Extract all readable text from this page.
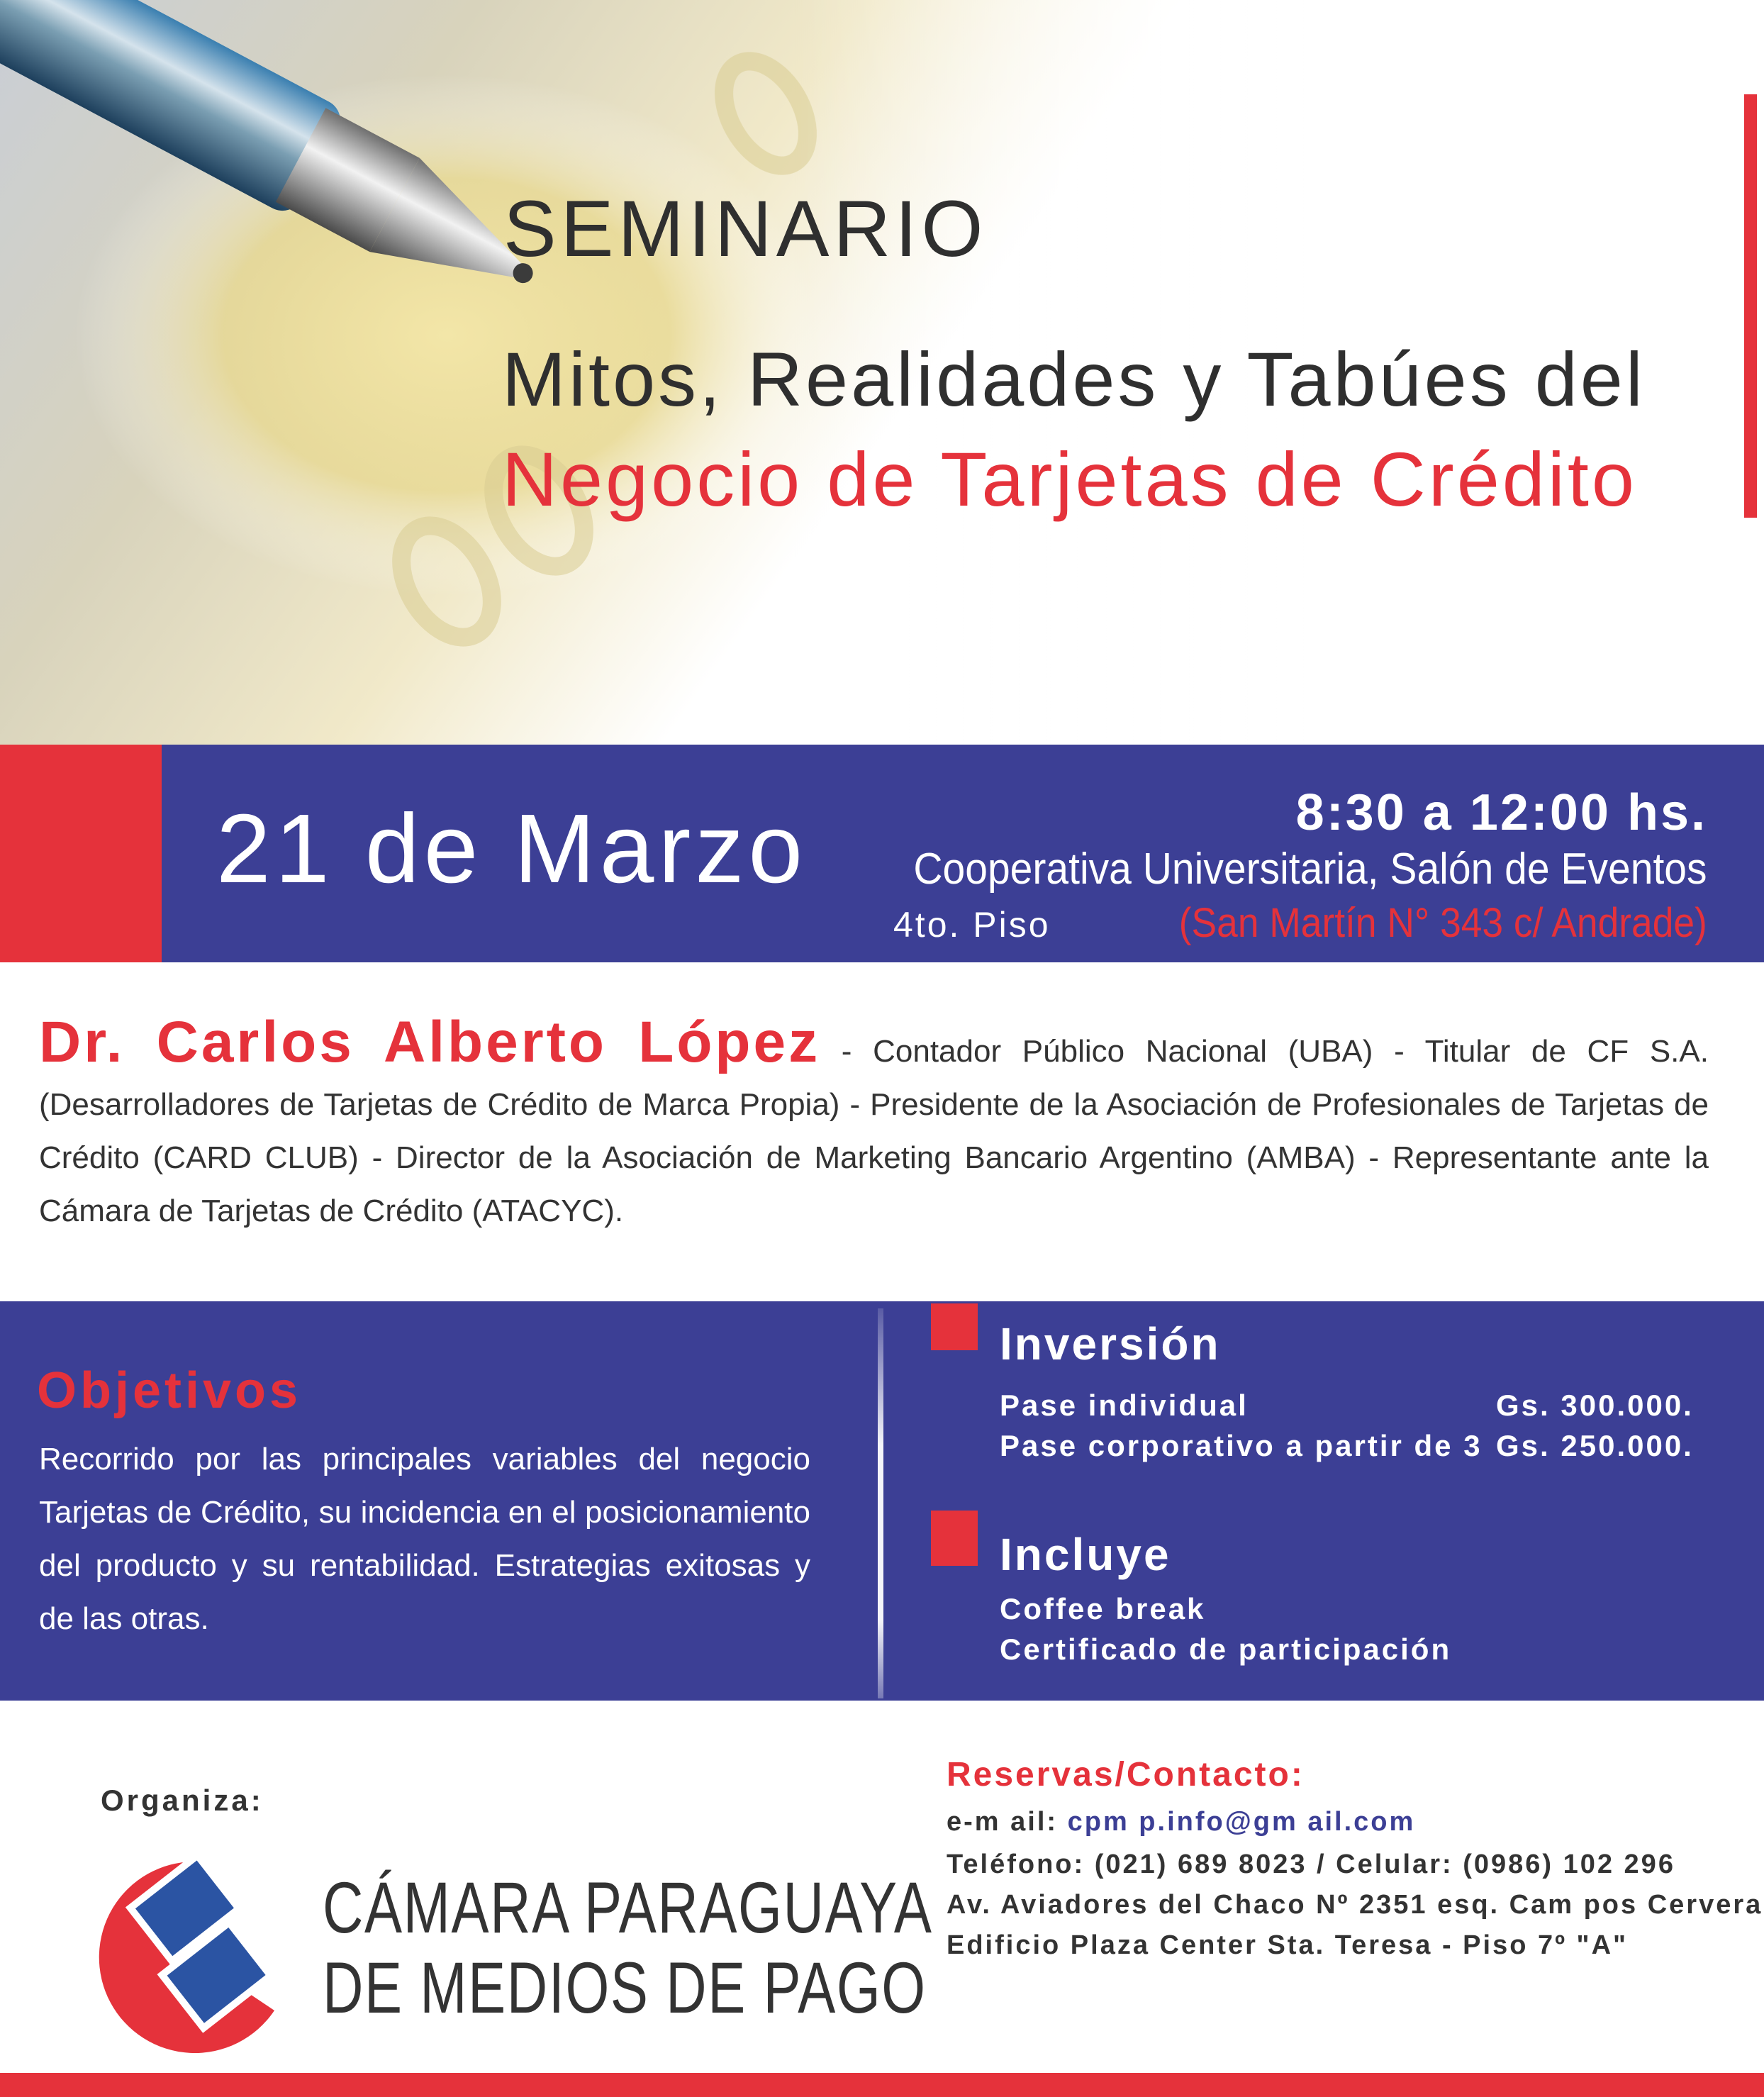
SEMINARIO
Mitos, Realidades y Tabúes del
Negocio de Tarjetas de Crédito
21 de Marzo	8:30 a 12:00 hs.
Cooperativa Universitaria, Salón de Eventos
4to. Piso	(San Martín N° 343 c/ Andrade)
Dr. Carlos Alberto López - Contador Público Nacional (UBA) - Titular de CF S.A. (Desarrolladores de Tarjetas de Crédito de Marca Propia) - Presidente de la Asociación de Profesionales de Tarjetas de Crédito (CARD CLUB) - Director de la Asociación de Marketing Bancario Argentino (AMBA) - Representante ante la Cámara de Tarjetas de Crédito (ATACYC).
Objetivos
Recorrido por las principales variables del negocio Tarjetas de Crédito, su incidencia en el posicionamiento del producto y su rentabilidad. Estrategias exitosas y de las otras.
Inversión
Pase individual	Gs. 300.000.
Pase corporativo a partir de 3 Gs. 250.000.
Incluye
Coffee break
Certificado de participación
Organiza:
CÁMARA PARAGUAYA
DE MEDIOS DE PAGO
Reservas/Contacto:
e-m ail: cpm p.info@gm ail.com
Teléfono: (021) 689 8023 / Celular: (0986) 102 296
Av. Aviadores del Chaco Nº 2351 esq. Cam pos Cervera
Edificio Plaza Center Sta. Teresa - Piso 7º "A"
